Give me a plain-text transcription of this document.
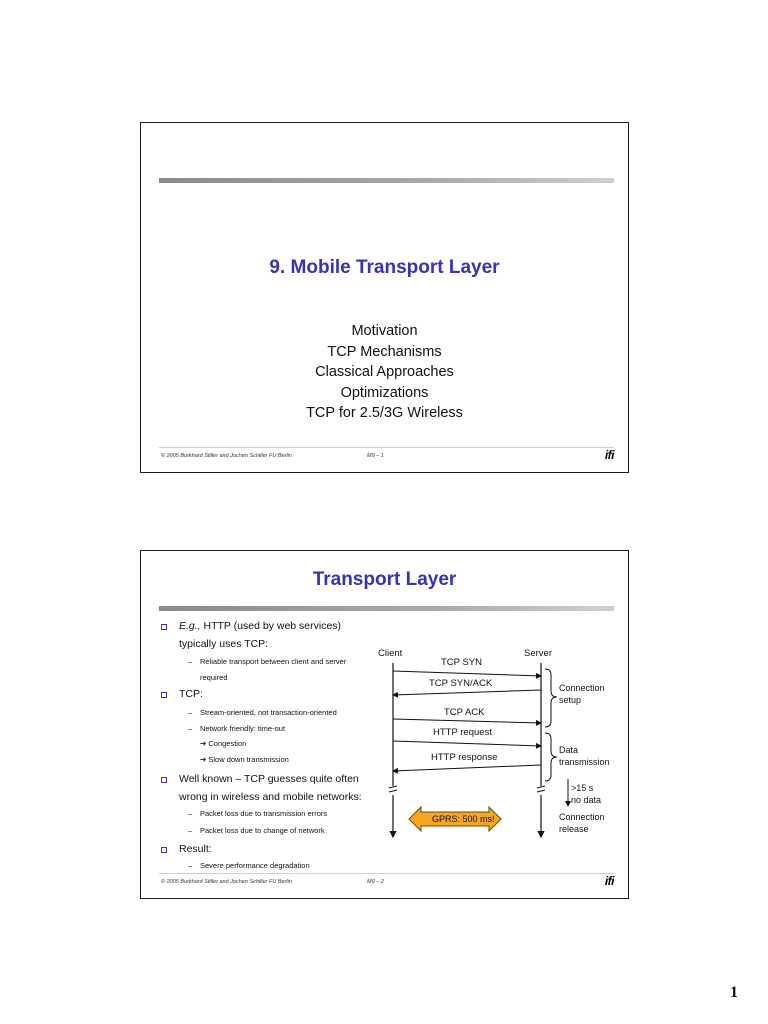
9. Mobile Transport Layer
Motivation
TCP Mechanisms
Classical Approaches
Optimizations
TCP for 2.5/3G Wireless
© 2005 Burkhard Stiller and Jochen Schiller FU Berlin	M9 – 1	ifi
Transport Layer
E.g., HTTP (used by web services)
typically uses TCP:
– Reliable transport between client and server
required
TCP:
– Stream-oriented, not transaction-oriented
– Network friendly: time-out
➔ Congestion
➔ Slow down transmission
Well known – TCP guesses quite often
wrong in wireless and mobile networks:
– Packet loss due to transmission errors
– Packet loss due to change of network
Result:
– Severe performance degradation
Client	Server
TCP SYN
TCP SYN/ACK
TCP ACK
HTTP request
HTTP response
Connection
setup
Data
transmission
>15 s
no data
Connection
release
GPRS: 500 ms!
© 2005 Burkhard Stiller and Jochen Schiller FU Berlin	M9 – 2	ifi
1
